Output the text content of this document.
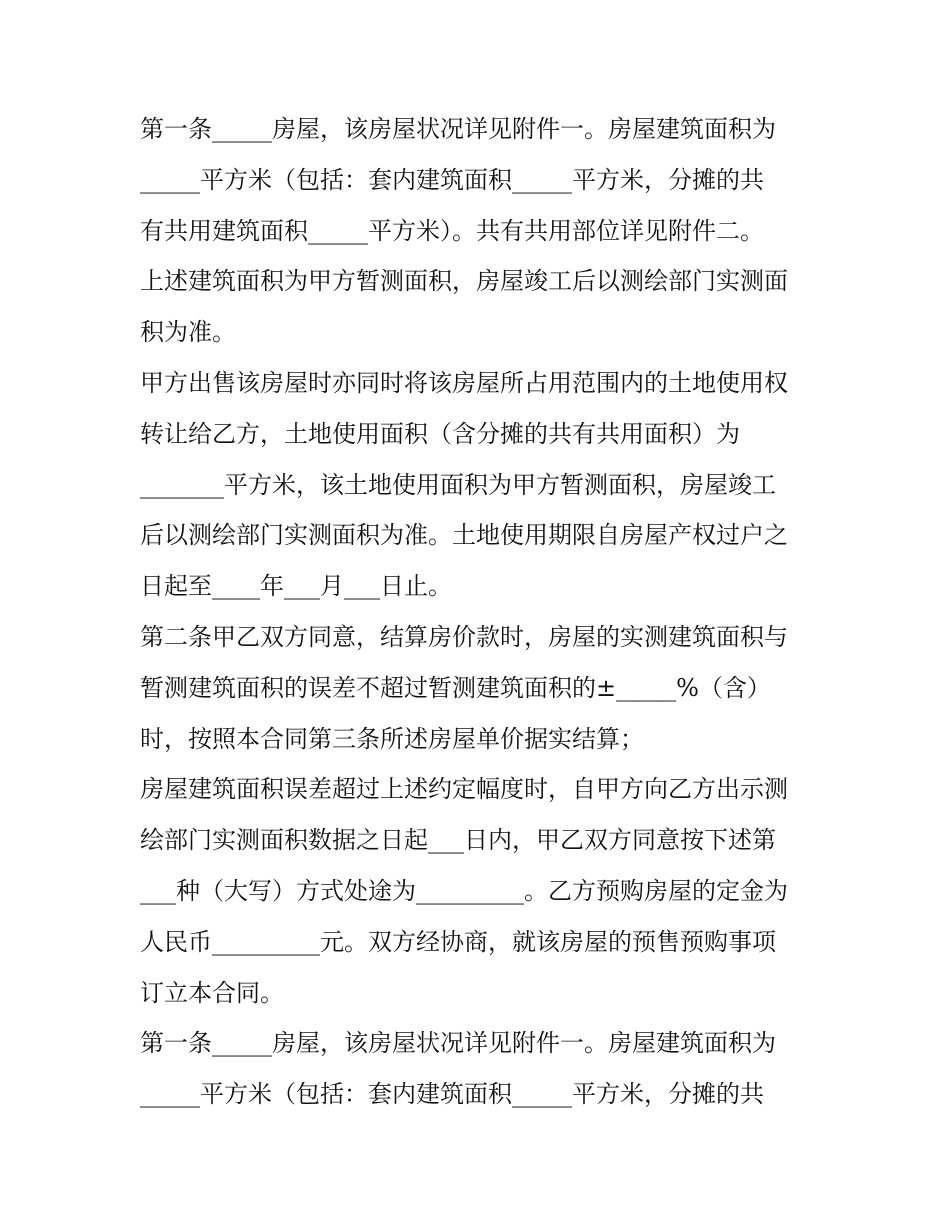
第一条_____房屋，该房屋状况详见附件一。房屋建筑面积为
_____平方米（包括：套内建筑面积_____平方米，分摊的共
有共用建筑面积_____平方米）。共有共用部位详见附件二。
上述建筑面积为甲方暂测面积，房屋竣工后以测绘部门实测面
积为准。
甲方出售该房屋时亦同时将该房屋所占用范围内的土地使用权
转让给乙方，土地使用面积（含分摊的共有共用面积）为
_______平方米，该土地使用面积为甲方暂测面积，房屋竣工
后以测绘部门实测面积为准。土地使用期限自房屋产权过户之
日起至____年___月___日止。
第二条甲乙双方同意，结算房价款时，房屋的实测建筑面积与
暂测建筑面积的误差不超过暂测建筑面积的±_____%（含）
时，按照本合同第三条所述房屋单价据实结算；
房屋建筑面积误差超过上述约定幅度时，自甲方向乙方出示测
绘部门实测面积数据之日起___日内，甲乙双方同意按下述第
___种（大写）方式处途为_________。乙方预购房屋的定金为
人民币_________元。双方经协商，就该房屋的预售预购事项
订立本合同。
第一条_____房屋，该房屋状况详见附件一。房屋建筑面积为
_____平方米（包括：套内建筑面积_____平方米，分摊的共
